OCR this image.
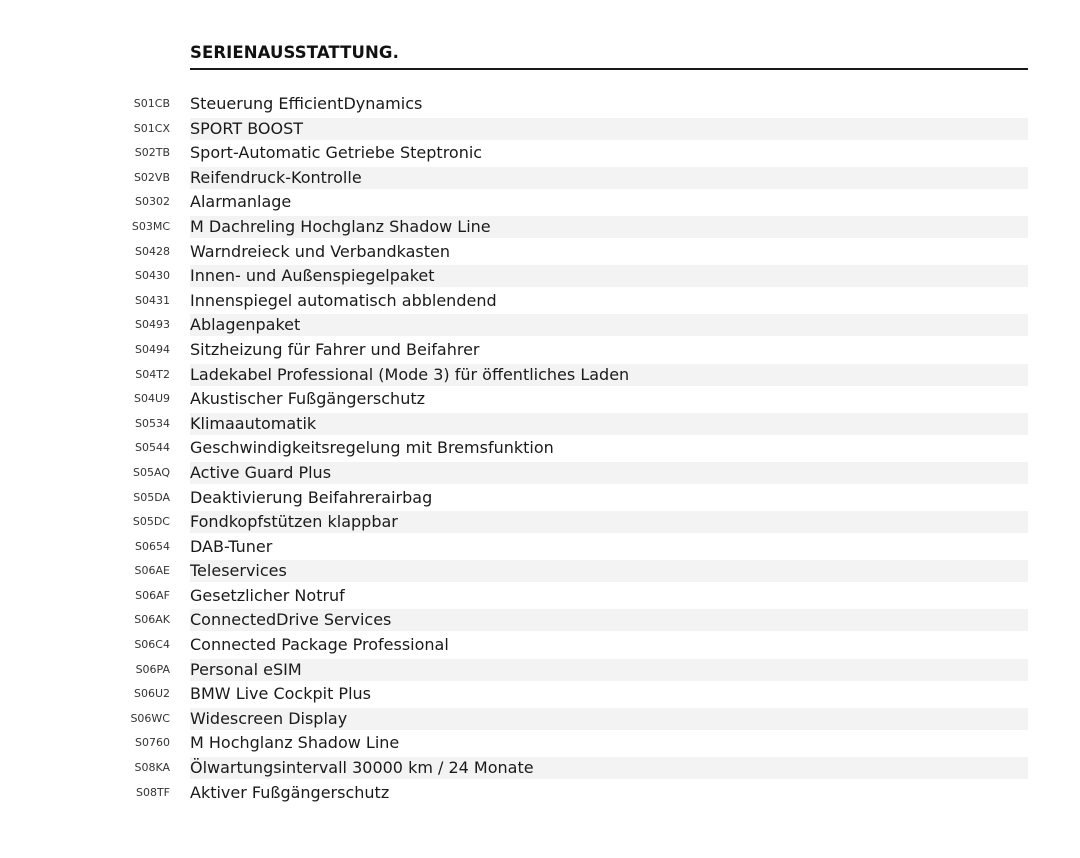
SERIENAUSSTATTUNG.
S01CB Steuerung EfficientDynamics
S01CX SPORT BOOST
S02TB Sport-Automatic Getriebe Steptronic
S02VB Reifendruck-Kontrolle
S0302 Alarmanlage
S03MC M Dachreling Hochglanz Shadow Line
S0428 Warndreieck und Verbandkasten
S0430 Innen- und Außenspiegelpaket
S0431 Innenspiegel automatisch abblendend
S0493 Ablagenpaket
S0494 Sitzheizung für Fahrer und Beifahrer
S04T2 Ladekabel Professional (Mode 3) für öffentliches Laden
S04U9 Akustischer Fußgängerschutz
S0534 Klimaautomatik
S0544 Geschwindigkeitsregelung mit Bremsfunktion
S05AQ Active Guard Plus
S05DA Deaktivierung Beifahrerairbag
S05DC Fondkopfstützen klappbar
S0654 DAB-Tuner
S06AE Teleservices
S06AF Gesetzlicher Notruf
S06AK ConnectedDrive Services
S06C4 Connected Package Professional
S06PA Personal eSIM
S06U2 BMW Live Cockpit Plus
S06WC Widescreen Display
S0760 M Hochglanz Shadow Line
S08KA Ölwartungsintervall 30000 km / 24 Monate
S08TF Aktiver Fußgängerschutz
